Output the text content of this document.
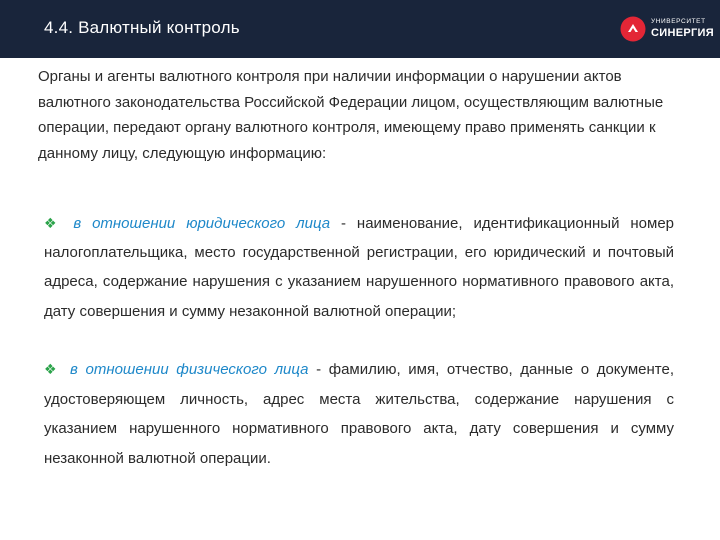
4.4. Валютный контроль	УНИВЕРСИТЕТ
СИНЕРГИЯ
Органы и агенты валютного контроля при наличии информации о нарушении актов валютного законодательства Российской Федерации лицом, осуществляющим валютные операции, передают органу валютного контроля, имеющему право применять санкции к данному лицу, следующую информацию:
❖ в отношении юридического лица - наименование, идентификационный номер налогоплательщика, место государственной регистрации, его юридический и почтовый адреса, содержание нарушения с указанием нарушенного нормативного правового акта, дату совершения и сумму незаконной валютной операции;
❖ в отношении физического лица - фамилию, имя, отчество, данные о документе, удостоверяющем личность, адрес места жительства, содержание нарушения с указанием нарушенного нормативного правового акта, дату совершения и сумму незаконной валютной операции.
